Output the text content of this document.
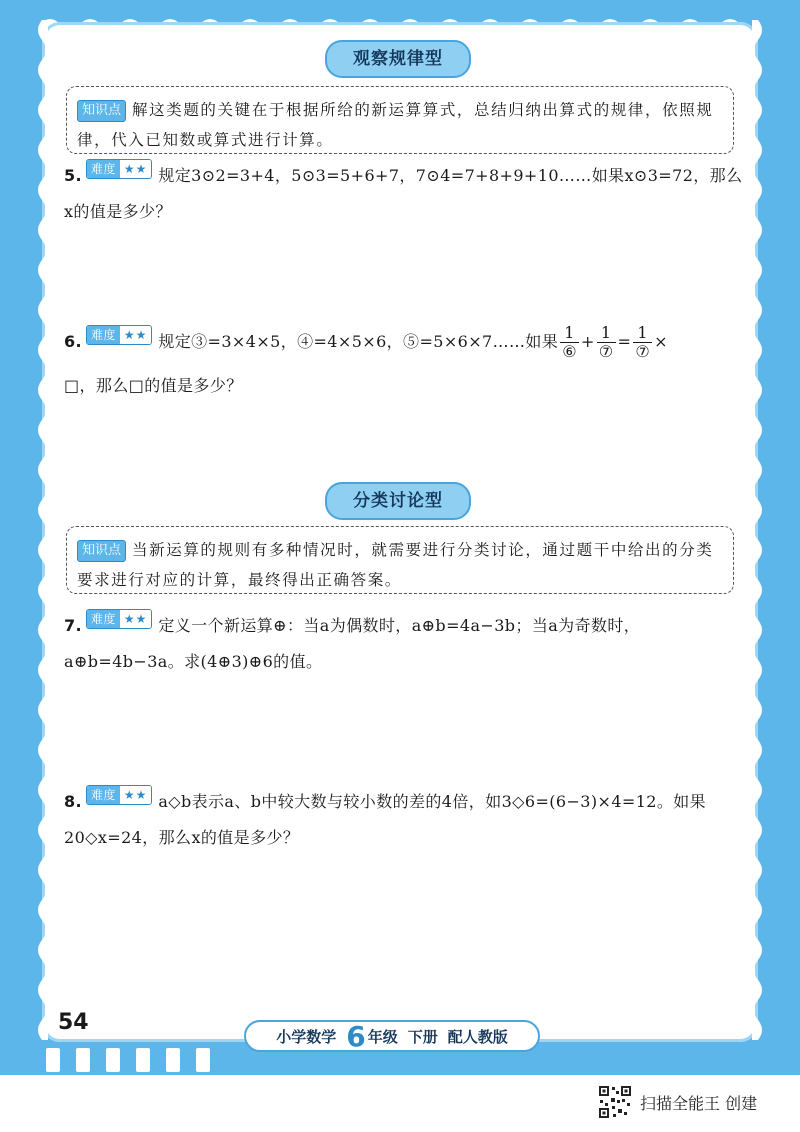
观察规律型
知识点 解这类题的关键在于根据所给的新运算算式，总结归纳出算式的规律，依照规律，代入已知数或算式进行计算。
5. 难度 ★★ 规定3⊙2=3+4，5⊙3=5+6+7，7⊙4=7+8+9+10……如果x⊙3=72，那么x的值是多少？
6. 难度 ★★ 规定③=3×4×5，④=4×5×6，⑤=5×6×7……如果 $\frac{1}{\text{⑥}} + \frac{1}{\text{⑦}} = \frac{1}{\text{⑦}}$ ×
□，那么□的值是多少？
分类讨论型
知识点 当新运算的规则有多种情况时，就需要进行分类讨论，通过题干中给出的分类要求进行对应的计算，最终得出正确答案。
7. 难度 ★★ 定义一个新运算⊕：当a为偶数时，a⊕b=4a−3b；当a为奇数时，a⊕b=4b−3a。求(4⊕3)⊕6的值。
8. 难度 ★★ a◇b表示a、b中较大数与较小数的差的4倍，如3◇6=(6−3)×4=12。如果20◇x=24，那么x的值是多少？
54
小学数学 6 年级 下册 配人教版
扫描全能王 创建
